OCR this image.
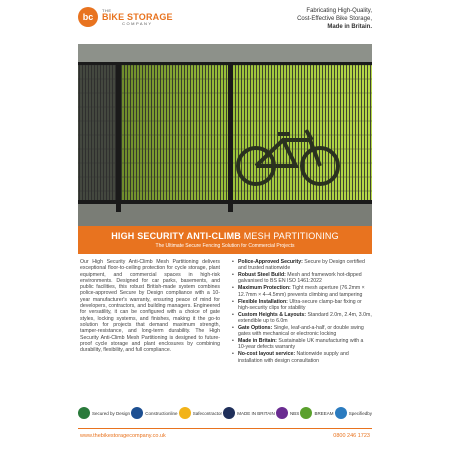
bc
THE
BIKE STORAGE
COMPANY
Fabricating High-Quality,
Cost-Effective Bike Storage,
Made in Britain.
HIGH SECURITY ANTI-CLIMB MESH PARTITIONING
The Ultimate Secure Fencing Solution for Commercial Projects
Our High Security Anti-Climb Mesh Partitioning delivers exceptional floor-to-ceiling protection for cycle storage, plant equipment, and commercial spaces in high-risk environments. Designed for car parks, basements, and public facilities, this robust British-made system combines police-approved Secure by Design compliance with a 10-year manufacturer's warranty, ensuring peace of mind for developers, contractors, and building managers. Engineered for versatility, it can be configured with a choice of gate styles, locking systems, and finishes, making it the go-to solution for projects that demand maximum strength, tamper-resistance, and long-term durability. The High Security Anti-Climb Mesh Partitioning is designed to future-proof cycle storage and plant enclosures by combining durability, flexibility, and full compliance.
• Police-Approved Security: Secure by Design certified and trusted nationwide
• Robust Steel Build: Mesh and framework hot-dipped galvanised to BS EN ISO 1461:2022
• Maximum Protection: Tight mesh aperture (76.2mm × 12.7mm × 4–4.5mm) prevents climbing and tampering
• Flexible Installation: Ultra-secure clamp-bar fixing or high-security clips for stability
• Custom Heights & Layouts: Standard 2.0m, 2.4m, 3.0m, extendible up to 6.0m
• Gate Options: Single, leaf-and-a-half, or double swing gates with mechanical or electronic locking
• Made in Britain: Sustainable UK manufacturing with a 10-year defects warranty
• No-cost layout service: Nationwide supply and installation with design consultation
Secured by Design	Constructionline	Safecontractor	MADE IN BRITAIN	NBS	BREEAM	Specifiedby
www.thebikestoragecompany.co.uk	0800 246 1723
